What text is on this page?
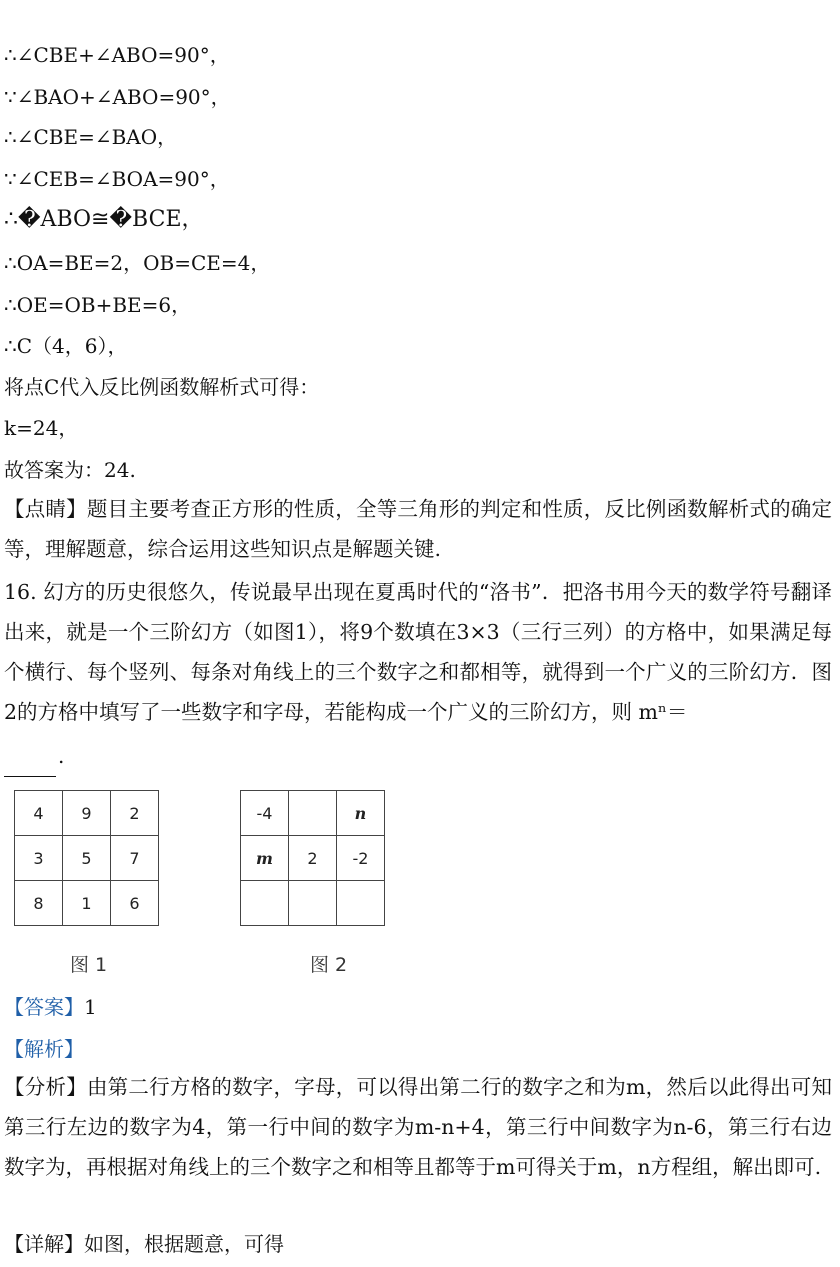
∴∠CBE+∠ABO=90°，
∵∠BAO+∠ABO=90°，
∴∠CBE=∠BAO，
∵∠CEB=∠BOA=90°，
∴�ABO≅�BCE，
∴OA=BE=2，OB=CE=4，
∴OE=OB+BE=6，
∴C（4，6），
将点C代入反比例函数解析式可得：
k=24，
故答案为：24.
【点睛】题目主要考查正方形的性质，全等三角形的判定和性质，反比例函数解析式的确定等，理解题意，综合运用这些知识点是解题关键.
16. 幻方的历史很悠久，传说最早出现在夏禹时代的“洛书”．把洛书用今天的数学符号翻译出来，就是一个三阶幻方（如图1），将9个数填在3×3（三行三列）的方格中，如果满足每个横行、每个竖列、每条对角线上的三个数字之和都相等，就得到一个广义的三阶幻方．图2的方格中填写了一些数字和字母，若能构成一个广义的三阶幻方，则 mⁿ＝
.
4	9	2
3	5	7
8	1	6
图 1
-4		n
m	2	-2

图 2
【答案】1
【解析】
【分析】由第二行方格的数字，字母，可以得出第二行的数字之和为m，然后以此得出可知第三行左边的数字为4，第一行中间的数字为m-n+4，第三行中间数字为n-6，第三行右边数字为，再根据对角线上的三个数字之和相等且都等于m可得关于m，n方程组，解出即可.
【详解】如图，根据题意，可得
